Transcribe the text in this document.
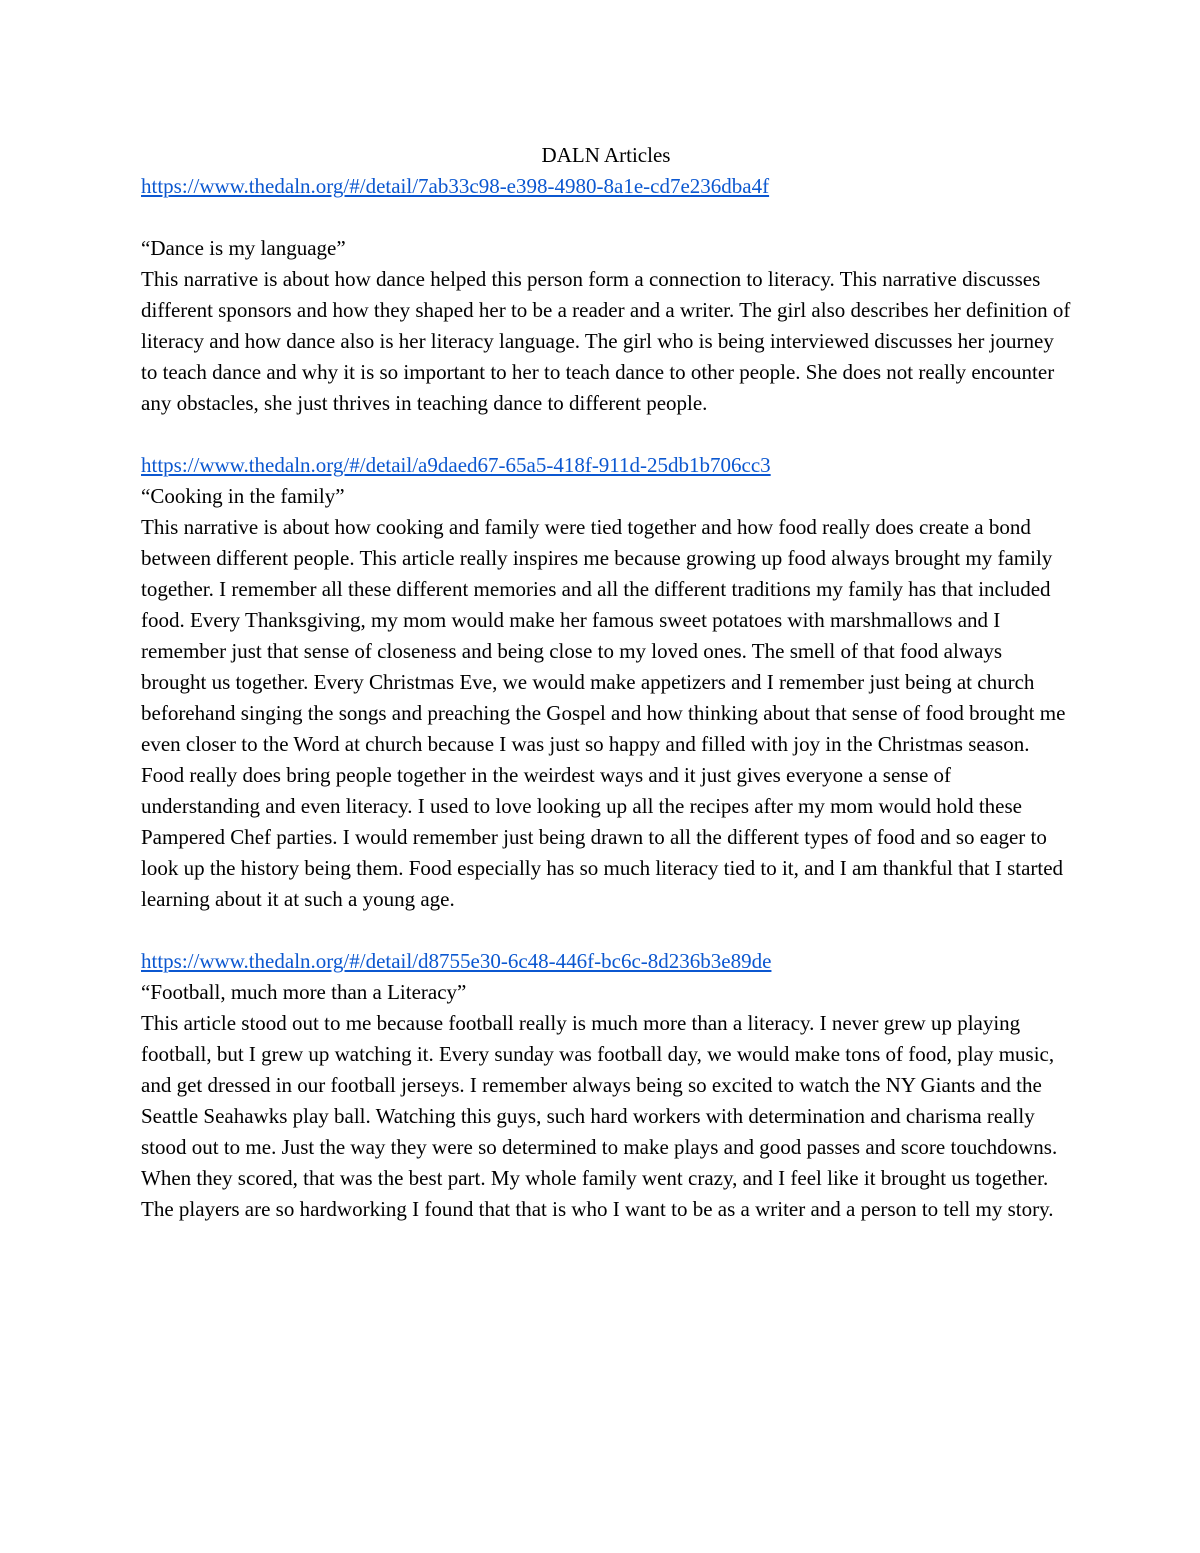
DALN Articles

https://www.thedaln.org/#/detail/7ab33c98-e398-4980-8a1e-cd7e236dba4f

“Dance is my language”

This narrative is about how dance helped this person form a connection to literacy. This narrative discusses different sponsors and how they shaped her to be a reader and a writer. The girl also describes her definition of literacy and how dance also is her literacy language. The girl who is being interviewed discusses her journey to teach dance and why it is so important to her to teach dance to other people. She does not really encounter any obstacles, she just thrives in teaching dance to different people.

https://www.thedaln.org/#/detail/a9daed67-65a5-418f-911d-25db1b706cc3

“Cooking in the family”

This narrative is about how cooking and family were tied together and how food really does create a bond between different people. This article really inspires me because growing up food always brought my family together. I remember all these different memories and all the different traditions my family has that included food. Every Thanksgiving, my mom would make her famous sweet potatoes with marshmallows and I remember just that sense of closeness and being close to my loved ones. The smell of that food always brought us together. Every Christmas Eve, we would make appetizers and I remember just being at church beforehand singing the songs and preaching the Gospel and how thinking about that sense of food brought me even closer to the Word at church because I was just so happy and filled with joy in the Christmas season. Food really does bring people together in the weirdest ways and it just gives everyone a sense of understanding and even literacy. I used to love looking up all the recipes after my mom would hold these Pampered Chef parties. I would remember just being drawn to all the different types of food and so eager to look up the history being them. Food especially has so much literacy tied to it, and I am thankful that I started learning about it at such a young age.

https://www.thedaln.org/#/detail/d8755e30-6c48-446f-bc6c-8d236b3e89de

“Football, much more than a Literacy”

This article stood out to me because football really is much more than a literacy. I never grew up playing football, but I grew up watching it. Every sunday was football day, we would make tons of food, play music, and get dressed in our football jerseys. I remember always being so excited to watch the NY Giants and the Seattle Seahawks play ball. Watching this guys, such hard workers with determination and charisma really stood out to me. Just the way they were so determined to make plays and good passes and score touchdowns. When they scored, that was the best part. My whole family went crazy, and I feel like it brought us together.

The players are so hardworking I found that that is who I want to be as a writer and a person to tell my story.
